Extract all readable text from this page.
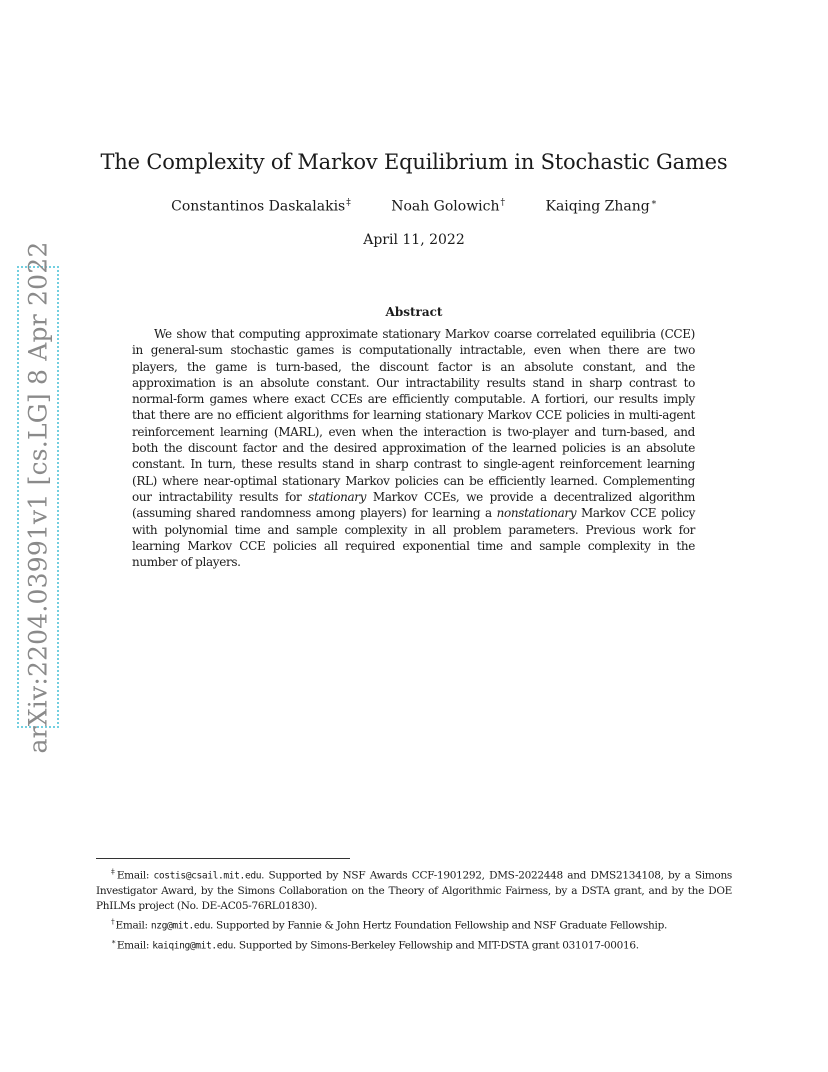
arXiv:2204.03991v1 [cs.LG] 8 Apr 2022
The Complexity of Markov Equilibrium in Stochastic Games
Constantinos Daskalakis‡	Noah Golowich†	Kaiqing Zhang∗
April 11, 2022
Abstract

We show that computing approximate stationary Markov coarse correlated equilibria (CCE) in general-sum stochastic games is computationally intractable, even when there are two players, the game is turn-based, the discount factor is an absolute constant, and the approximation is an absolute constant. Our intractability results stand in sharp contrast to normal-form games where exact CCEs are efficiently computable. A fortiori, our results imply that there are no efficient algorithms for learning stationary Markov CCE policies in multi-agent reinforcement learning (MARL), even when the interaction is two-player and turn-based, and both the discount factor and the desired approximation of the learned policies is an absolute constant. In turn, these results stand in sharp contrast to single-agent reinforcement learning (RL) where near-optimal stationary Markov policies can be efficiently learned. Complementing our intractability results for stationary Markov CCEs, we provide a decentralized algorithm (assuming shared randomness among players) for learning a nonstationary Markov CCE policy with polynomial time and sample complexity in all problem parameters. Previous work for learning Markov CCE policies all required exponential time and sample complexity in the number of players.

‡Email: costis@csail.mit.edu. Supported by NSF Awards CCF-1901292, DMS-2022448 and DMS2134108, by a Simons Investigator Award, by the Simons Collaboration on the Theory of Algorithmic Fairness, by a DSTA grant, and by the DOE PhILMs project (No. DE-AC05-76RL01830).

†Email: nzg@mit.edu. Supported by Fannie & John Hertz Foundation Fellowship and NSF Graduate Fellowship.

∗Email: kaiqing@mit.edu. Supported by Simons-Berkeley Fellowship and MIT-DSTA grant 031017-00016.
